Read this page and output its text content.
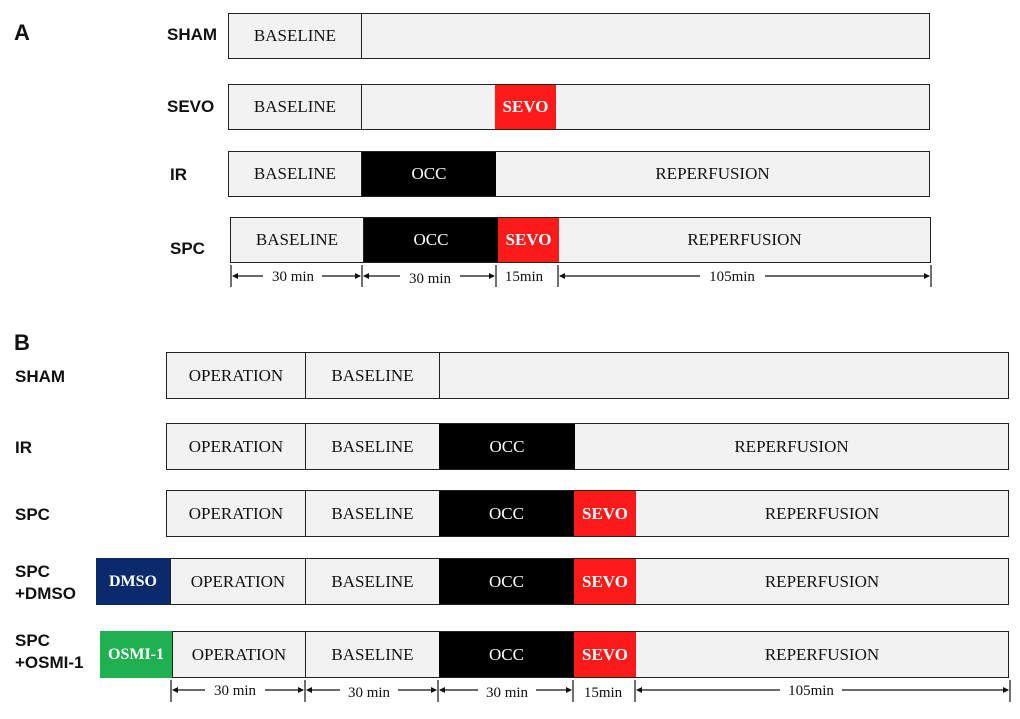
A	SHAM	BASELINE
SEVO	BASELINE	SEVO
IR	BASELINE	OCC	REPERFUSION
SPC	BASELINE	OCC	SEVO	REPERFUSION
30 min	30 min	15min	105min
B
SHAM	OPERATION	BASELINE
IR	OPERATION	BASELINE	OCC	REPERFUSION
SPC	OPERATION	BASELINE	OCC	SEVO	REPERFUSION
SPC
+DMSO
DMSO	OPERATION	BASELINE	OCC	SEVO	REPERFUSION
SPC
+OSMI-1	OSMI-1	OPERATION	BASELINE	OCC	SEVO	REPERFUSION
30 min	30 min	30 min	15min	105min
